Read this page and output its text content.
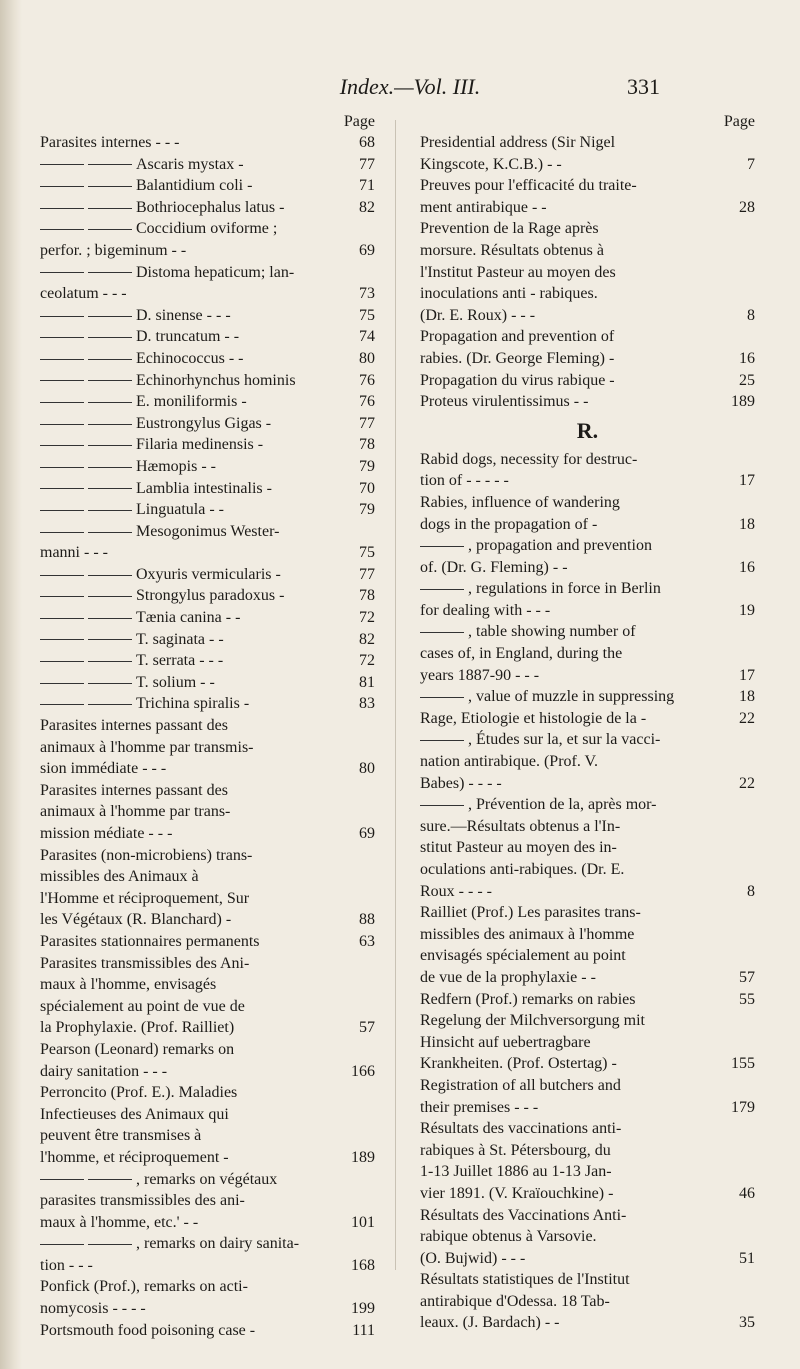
Index.—Vol. III.	331
Page
Parasites internes - - -	68
Ascaris mystax -	77
Balantidium coli -	71
Bothriocephalus latus -	82
Coccidium oviforme ;
perfor. ; bigeminum - -	69
Distoma hepaticum; lan-
ceolatum - - -	73
D. sinense - - -	75
D. truncatum - -	74
Echinococcus - -	80
Echinorhynchus hominis	76
E. moniliformis -	76
Eustrongylus Gigas -	77
Filaria medinensis -	78
Hæmopis - -	79
Lamblia intestinalis -	70
Linguatula - -	79
Mesogonimus Wester-
manni - - -	75
Oxyuris vermicularis -	77
Strongylus paradoxus -	78
Tænia canina - -	72
T. saginata - -	82
T. serrata - - -	72
T. solium - -	81
Trichina spiralis -	83
Parasites internes passant des
animaux à l'homme par transmis-
sion immédiate - - -	80
Parasites internes passant des
animaux à l'homme par trans-
mission médiate - - -	69
Parasites (non-microbiens) trans-
missibles des Animaux à
l'Homme et réciproquement, Sur
les Végétaux (R. Blanchard) -	88
Parasites stationnaires permanents	63
Parasites transmissibles des Ani-
maux à l'homme, envisagés
spécialement au point de vue de
la Prophylaxie. (Prof. Railliet)	57
Pearson (Leonard) remarks on
dairy sanitation - - -	166
Perroncito (Prof. E.). Maladies
Infectieuses des Animaux qui
peuvent être transmises à
l'homme, et réciproquement -	189
, remarks on végétaux
parasites transmissibles des ani-
maux à l'homme, etc.' - -	101
, remarks on dairy sanita-
tion - - -	168
Ponfick (Prof.), remarks on acti-
nomycosis - - - -	199
Portsmouth food poisoning case -	111
Page
Presidential address (Sir Nigel
Kingscote, K.C.B.) - -	7
Preuves pour l'efficacité du traite-
ment antirabique - -	28
Prevention de la Rage après
morsure. Résultats obtenus à
l'Institut Pasteur au moyen des
inoculations anti - rabiques.
(Dr. E. Roux) - - -	8
Propagation and prevention of
rabies. (Dr. George Fleming) -	16
Propagation du virus rabique -	25
Proteus virulentissimus - -	189
R.
Rabid dogs, necessity for destruc-
tion of - - - - -	17
Rabies, influence of wandering
dogs in the propagation of -	18
, propagation and prevention
of. (Dr. G. Fleming) - -	16
, regulations in force in Berlin
for dealing with - - -	19
, table showing number of
cases of, in England, during the
years 1887-90 - - -	17
, value of muzzle in suppressing	18
Rage, Etiologie et histologie de la -	22
, Études sur la, et sur la vacci-
nation antirabique. (Prof. V.
Babes) - - - -	22
, Prévention de la, après mor-
sure.—Résultats obtenus a l'In-
stitut Pasteur au moyen des in-
oculations anti-rabiques. (Dr. E.
Roux - - - -	8
Railliet (Prof.) Les parasites trans-
missibles des animaux à l'homme
envisagés spécialement au point
de vue de la prophylaxie - -	57
Redfern (Prof.) remarks on rabies	55
Regelung der Milchversorgung mit
Hinsicht auf uebertragbare
Krankheiten. (Prof. Ostertag) -	155
Registration of all butchers and
their premises - - -	179
Résultats des vaccinations anti-
rabiques à St. Pétersbourg, du
1-13 Juillet 1886 au 1-13 Jan-
vier 1891. (V. Kraïouchkine) -	46
Résultats des Vaccinations Anti-
rabique obtenus à Varsovie.
(O. Bujwid) - - -	51
Résultats statistiques de l'Institut
antirabique d'Odessa. 18 Tab-
leaux. (J. Bardach) - -	35
